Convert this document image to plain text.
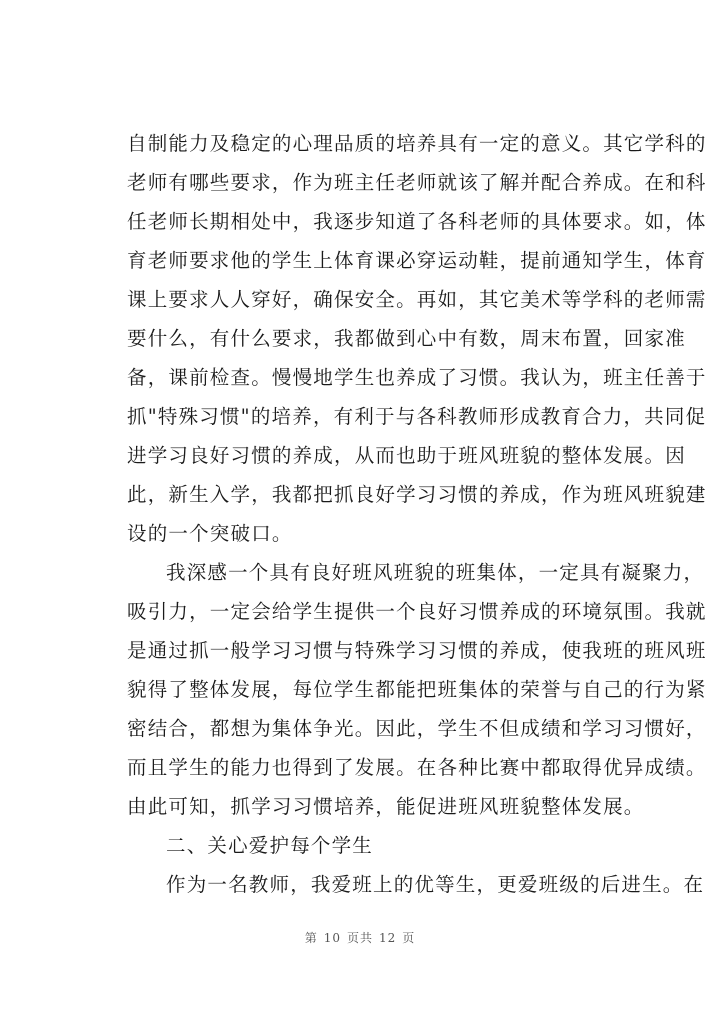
自制能力及稳定的心理品质的培养具有一定的意义。其它学科的
老师有哪些要求，作为班主任老师就该了解并配合养成。在和科
任老师长期相处中，我逐步知道了各科老师的具体要求。如，体
育老师要求他的学生上体育课必穿运动鞋，提前通知学生，体育
课上要求人人穿好，确保安全。再如，其它美术等学科的老师需
要什么，有什么要求，我都做到心中有数，周末布置，回家准
备，课前检查。慢慢地学生也养成了习惯。我认为，班主任善于
抓"特殊习惯"的培养，有利于与各科教师形成教育合力，共同促
进学习良好习惯的养成，从而也助于班风班貌的整体发展。因
此，新生入学，我都把抓良好学习习惯的养成，作为班风班貌建
设的一个突破口。
我深感一个具有良好班风班貌的班集体，一定具有凝聚力，
吸引力，一定会给学生提供一个良好习惯养成的环境氛围。我就
是通过抓一般学习习惯与特殊学习习惯的养成，使我班的班风班
貌得了整体发展，每位学生都能把班集体的荣誉与自己的行为紧
密结合，都想为集体争光。因此，学生不但成绩和学习习惯好，
而且学生的能力也得到了发展。在各种比赛中都取得优异成绩。
由此可知，抓学习习惯培养，能促进班风班貌整体发展。
二、关心爱护每个学生
作为一名教师，我爱班上的优等生，更爱班级的后进生。在
第 10 页共 12 页
